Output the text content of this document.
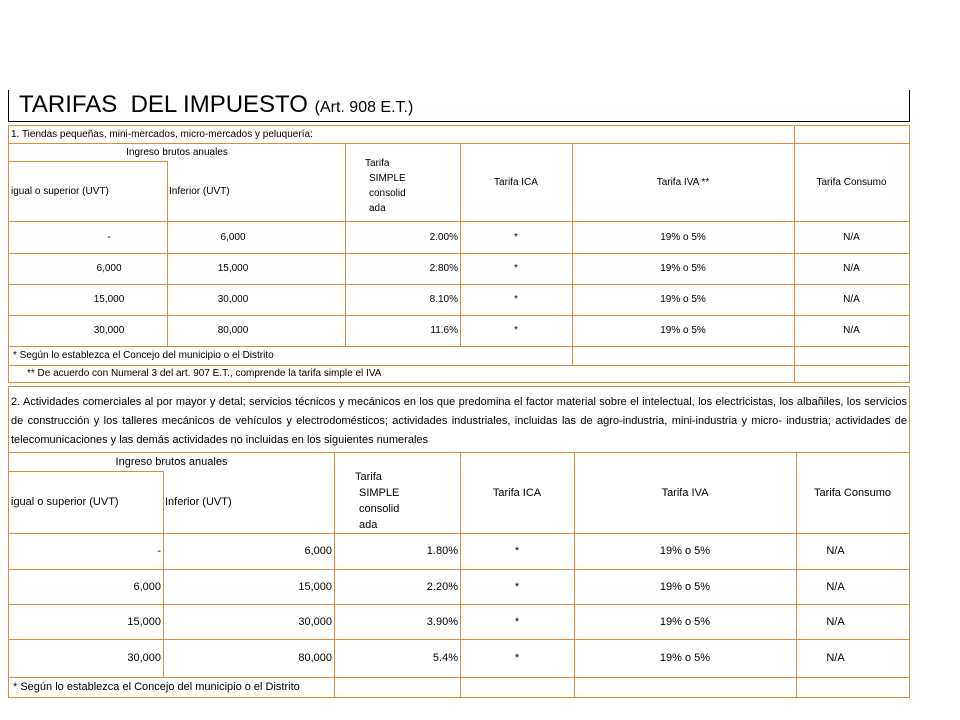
TARIFAS  DEL IMPUESTO (Art. 908 E.T.)
1. Tiendas pequeñas, mini-mercados, micro-mercados y peluquería:
Ingreso brutos anuales
igual o superior (UVT)	Inferior (UVT)
Tarifa
SIMPLE
consolid
ada
Tarifa ICA	Tarifa IVA **	Tarifa Consumo
-	6,000	2.00%	*	19% o 5%	N/A
6,000	15,000	2.80%	*	19% o 5%	N/A
15,000	30,000	8.10%	*	19% o 5%	N/A
30,000	80,000	11.6%	*	19% o 5%	N/A
* Según lo establezca el Concejo del municipio o el Distrito
** De acuerdo con Numeral 3 del art. 907 E.T., comprende la tarifa simple el IVA
2. Actividades comerciales al por mayor y detal; servicios técnicos y mecánicos en los que predomina el factor material sobre el intelectual, los electricistas, los albañiles, los servicios de construcción y los talleres mecánicos de vehículos y electrodomésticos; actividades industriales, incluidas las de agro-industria, mini-industria y micro- industria; actividades de telecomunicaciones y las demás actividades no incluidas en los siguientes numerales
Ingreso brutos anuales
igual o superior (UVT)	Inferior (UVT)
Tarifa
SIMPLE
consolid
ada
Tarifa ICA	Tarifa IVA	Tarifa Consumo
-	6,000	1.80%	*	19% o 5%	N/A
6,000	15,000	2.20%	*	19% o 5%	N/A
15,000	30,000	3.90%	*	19% o 5%	N/A
30,000	80,000	5.4%	*	19% o 5%	N/A
* Según lo establezca el Concejo del municipio o el Distrito
